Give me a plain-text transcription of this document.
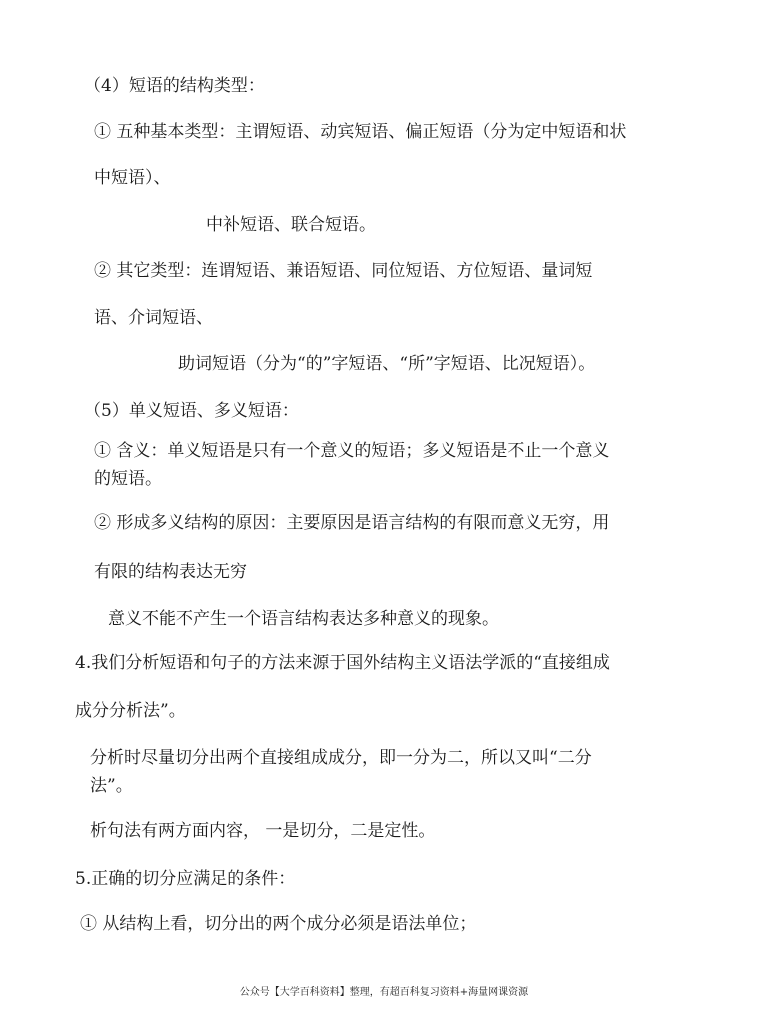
（4）短语的结构类型：
① 五种基本类型：主谓短语、动宾短语、偏正短语（分为定中短语和状
中短语）、
中补短语、联合短语。
② 其它类型：连谓短语、兼语短语、同位短语、方位短语、量词短
语、介词短语、
助词短语（分为“的”字短语、“所”字短语、比况短语）。
（5）单义短语、多义短语：
① 含义：单义短语是只有一个意义的短语；多义短语是不止一个意义
的短语。
② 形成多义结构的原因：主要原因是语言结构的有限而意义无穷，用
有限的结构表达无穷
意义不能不产生一个语言结构表达多种意义的现象。
4.我们分析短语和句子的方法来源于国外结构主义语法学派的“直接组成
成分分析法”。
分析时尽量切分出两个直接组成成分，即一分为二，所以又叫“二分
法”。
析句法有两方面内容， 一是切分，二是定性。
5.正确的切分应满足的条件：
① 从结构上看，切分出的两个成分必须是语法单位；
公众号【大学百科资料】整理，有超百科复习资料+海量网课资源
